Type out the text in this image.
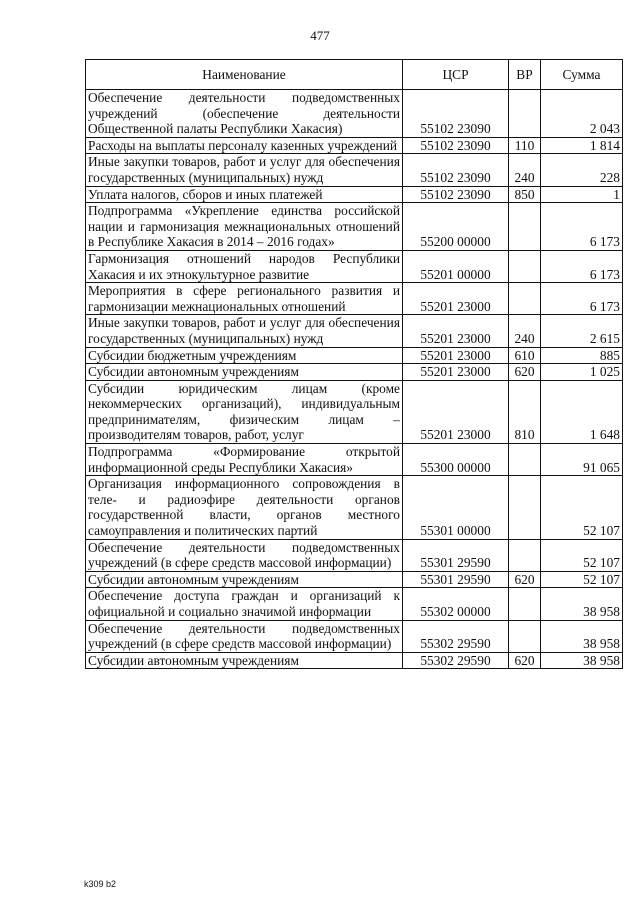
477
Наименование	ЦСР	ВР	Сумма
Обеспечение деятельности подведомственных учреждений (обеспечение деятельности Общественной палаты Республики Хакасия)	55102 23090		2 043
Расходы на выплаты персоналу казенных учреждений	55102 23090	110	1 814
Иные закупки товаров, работ и услуг для обеспечения государственных (муниципальных) нужд	55102 23090	240	228
Уплата налогов, сборов и иных платежей	55102 23090	850	1
Подпрограмма «Укрепление единства российской нации и гармонизация межнациональных отношений в Республике Хакасия в 2014 – 2016 годах»	55200 00000		6 173
Гармонизация отношений народов Республики Хакасия и их этнокультурное развитие	55201 00000		6 173
Мероприятия в сфере регионального развития и гармонизации межнациональных отношений	55201 23000		6 173
Иные закупки товаров, работ и услуг для обеспечения государственных (муниципальных) нужд	55201 23000	240	2 615
Субсидии бюджетным учреждениям	55201 23000	610	885
Субсидии автономным учреждениям	55201 23000	620	1 025
Субсидии юридическим лицам (кроме некоммерческих организаций), индивидуальным предпринимателям, физическим лицам – производителям товаров, работ, услуг	55201 23000	810	1 648
Подпрограмма «Формирование открытой информационной среды Республики Хакасия»	55300 00000		91 065
Организация информационного сопровождения в теле- и радиоэфире деятельности органов государственной власти, органов местного самоуправления и политических партий	55301 00000		52 107
Обеспечение деятельности подведомственных учреждений (в сфере средств массовой информации)	55301 29590		52 107
Субсидии автономным учреждениям	55301 29590	620	52 107
Обеспечение доступа граждан и организаций к официальной и социально значимой информации	55302 00000		38 958
Обеспечение деятельности подведомственных учреждений (в сфере средств массовой информации)	55302 29590		38 958
Субсидии автономным учреждениям	55302 29590	620	38 958
k309 b2
